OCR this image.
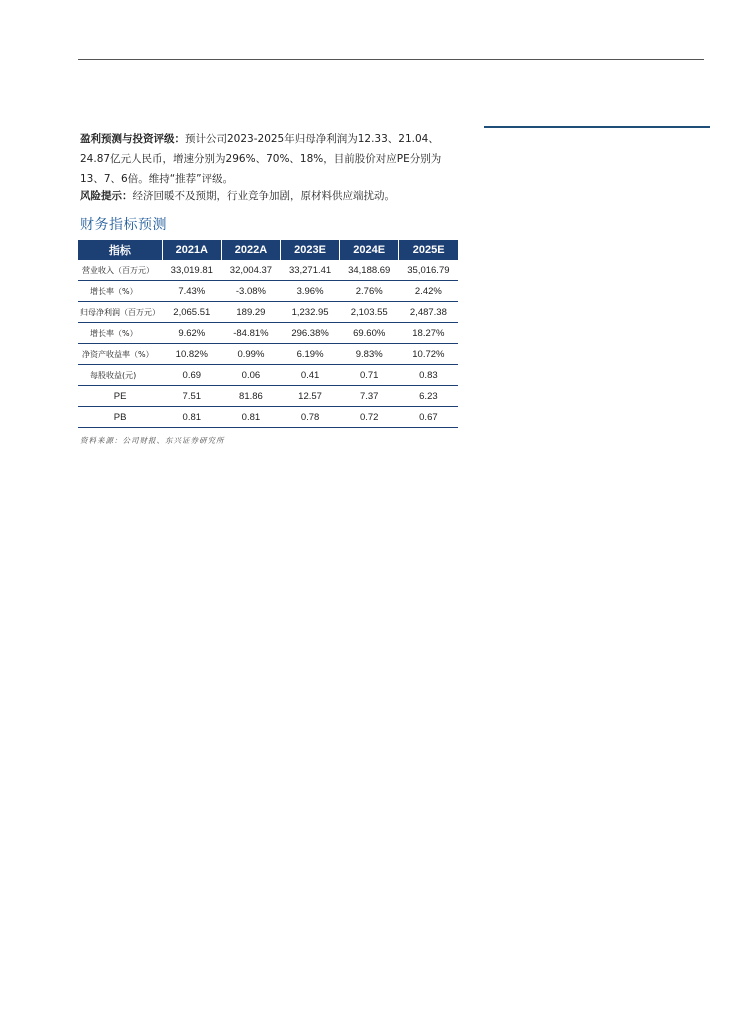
盈利预测与投资评级：预计公司2023-2025年归母净利润为12.33、21.04、24.87亿元人民币，增速分别为296%、70%、18%，目前股价对应PE分别为13、7、6倍。维持“推荐”评级。
风险提示：经济回暖不及预期，行业竞争加剧，原材料供应端扰动。
财务指标预测
指标	2021A	2022A	2023E	2024E	2025E
营业收入（百万元）	33,019.81	32,004.37	33,271.41	34,188.69	35,016.79
增长率（%）	7.43%	-3.08%	3.96%	2.76%	2.42%
归母净利润（百万元）	2,065.51	189.29	1,232.95	2,103.55	2,487.38
增长率（%）	9.62%	-84.81%	296.38%	69.60%	18.27%
净资产收益率（%）	10.82%	0.99%	6.19%	9.83%	10.72%
每股收益(元)	0.69	0.06	0.41	0.71	0.83
PE	7.51	81.86	12.57	7.37	6.23
PB	0.81	0.81	0.78	0.72	0.67
资料来源：公司财报、东兴证券研究所
